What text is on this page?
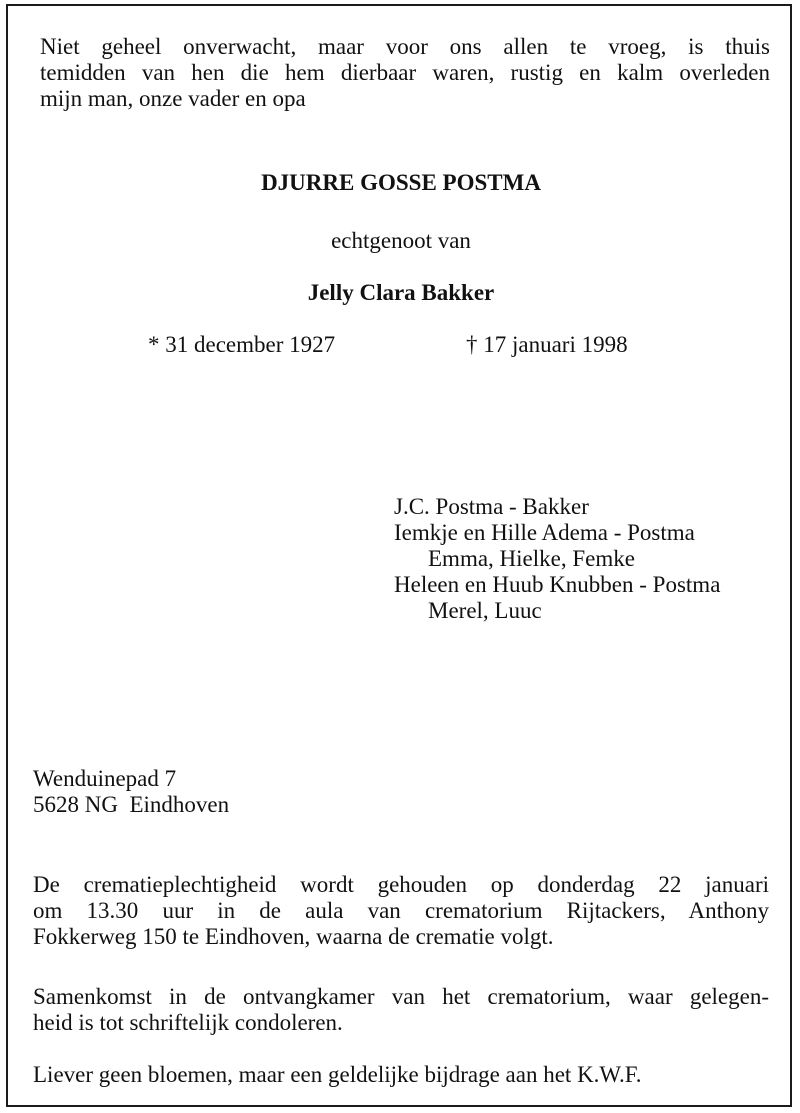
Niet geheel onverwacht, maar voor ons allen te vroeg, is thuis
temidden van hen die hem dierbaar waren, rustig en kalm overleden
mijn man, onze vader en opa
DJURRE GOSSE POSTMA
echtgenoot van
Jelly Clara Bakker
* 31 december 1927	† 17 januari 1998
J.C. Postma - Bakker
Iemkje en Hille Adema - Postma
Emma, Hielke, Femke
Heleen en Huub Knubben - Postma
Merel, Luuc
Wenduinepad 7
5628 NG  Eindhoven
De crematieplechtigheid wordt gehouden op donderdag 22 januari
om 13.30 uur in de aula van crematorium Rijtackers, Anthony
Fokkerweg 150 te Eindhoven, waarna de crematie volgt.
Samenkomst in de ontvangkamer van het crematorium, waar gelegen-
heid is tot schriftelijk condoleren.
Liever geen bloemen, maar een geldelijke bijdrage aan het K.W.F.
